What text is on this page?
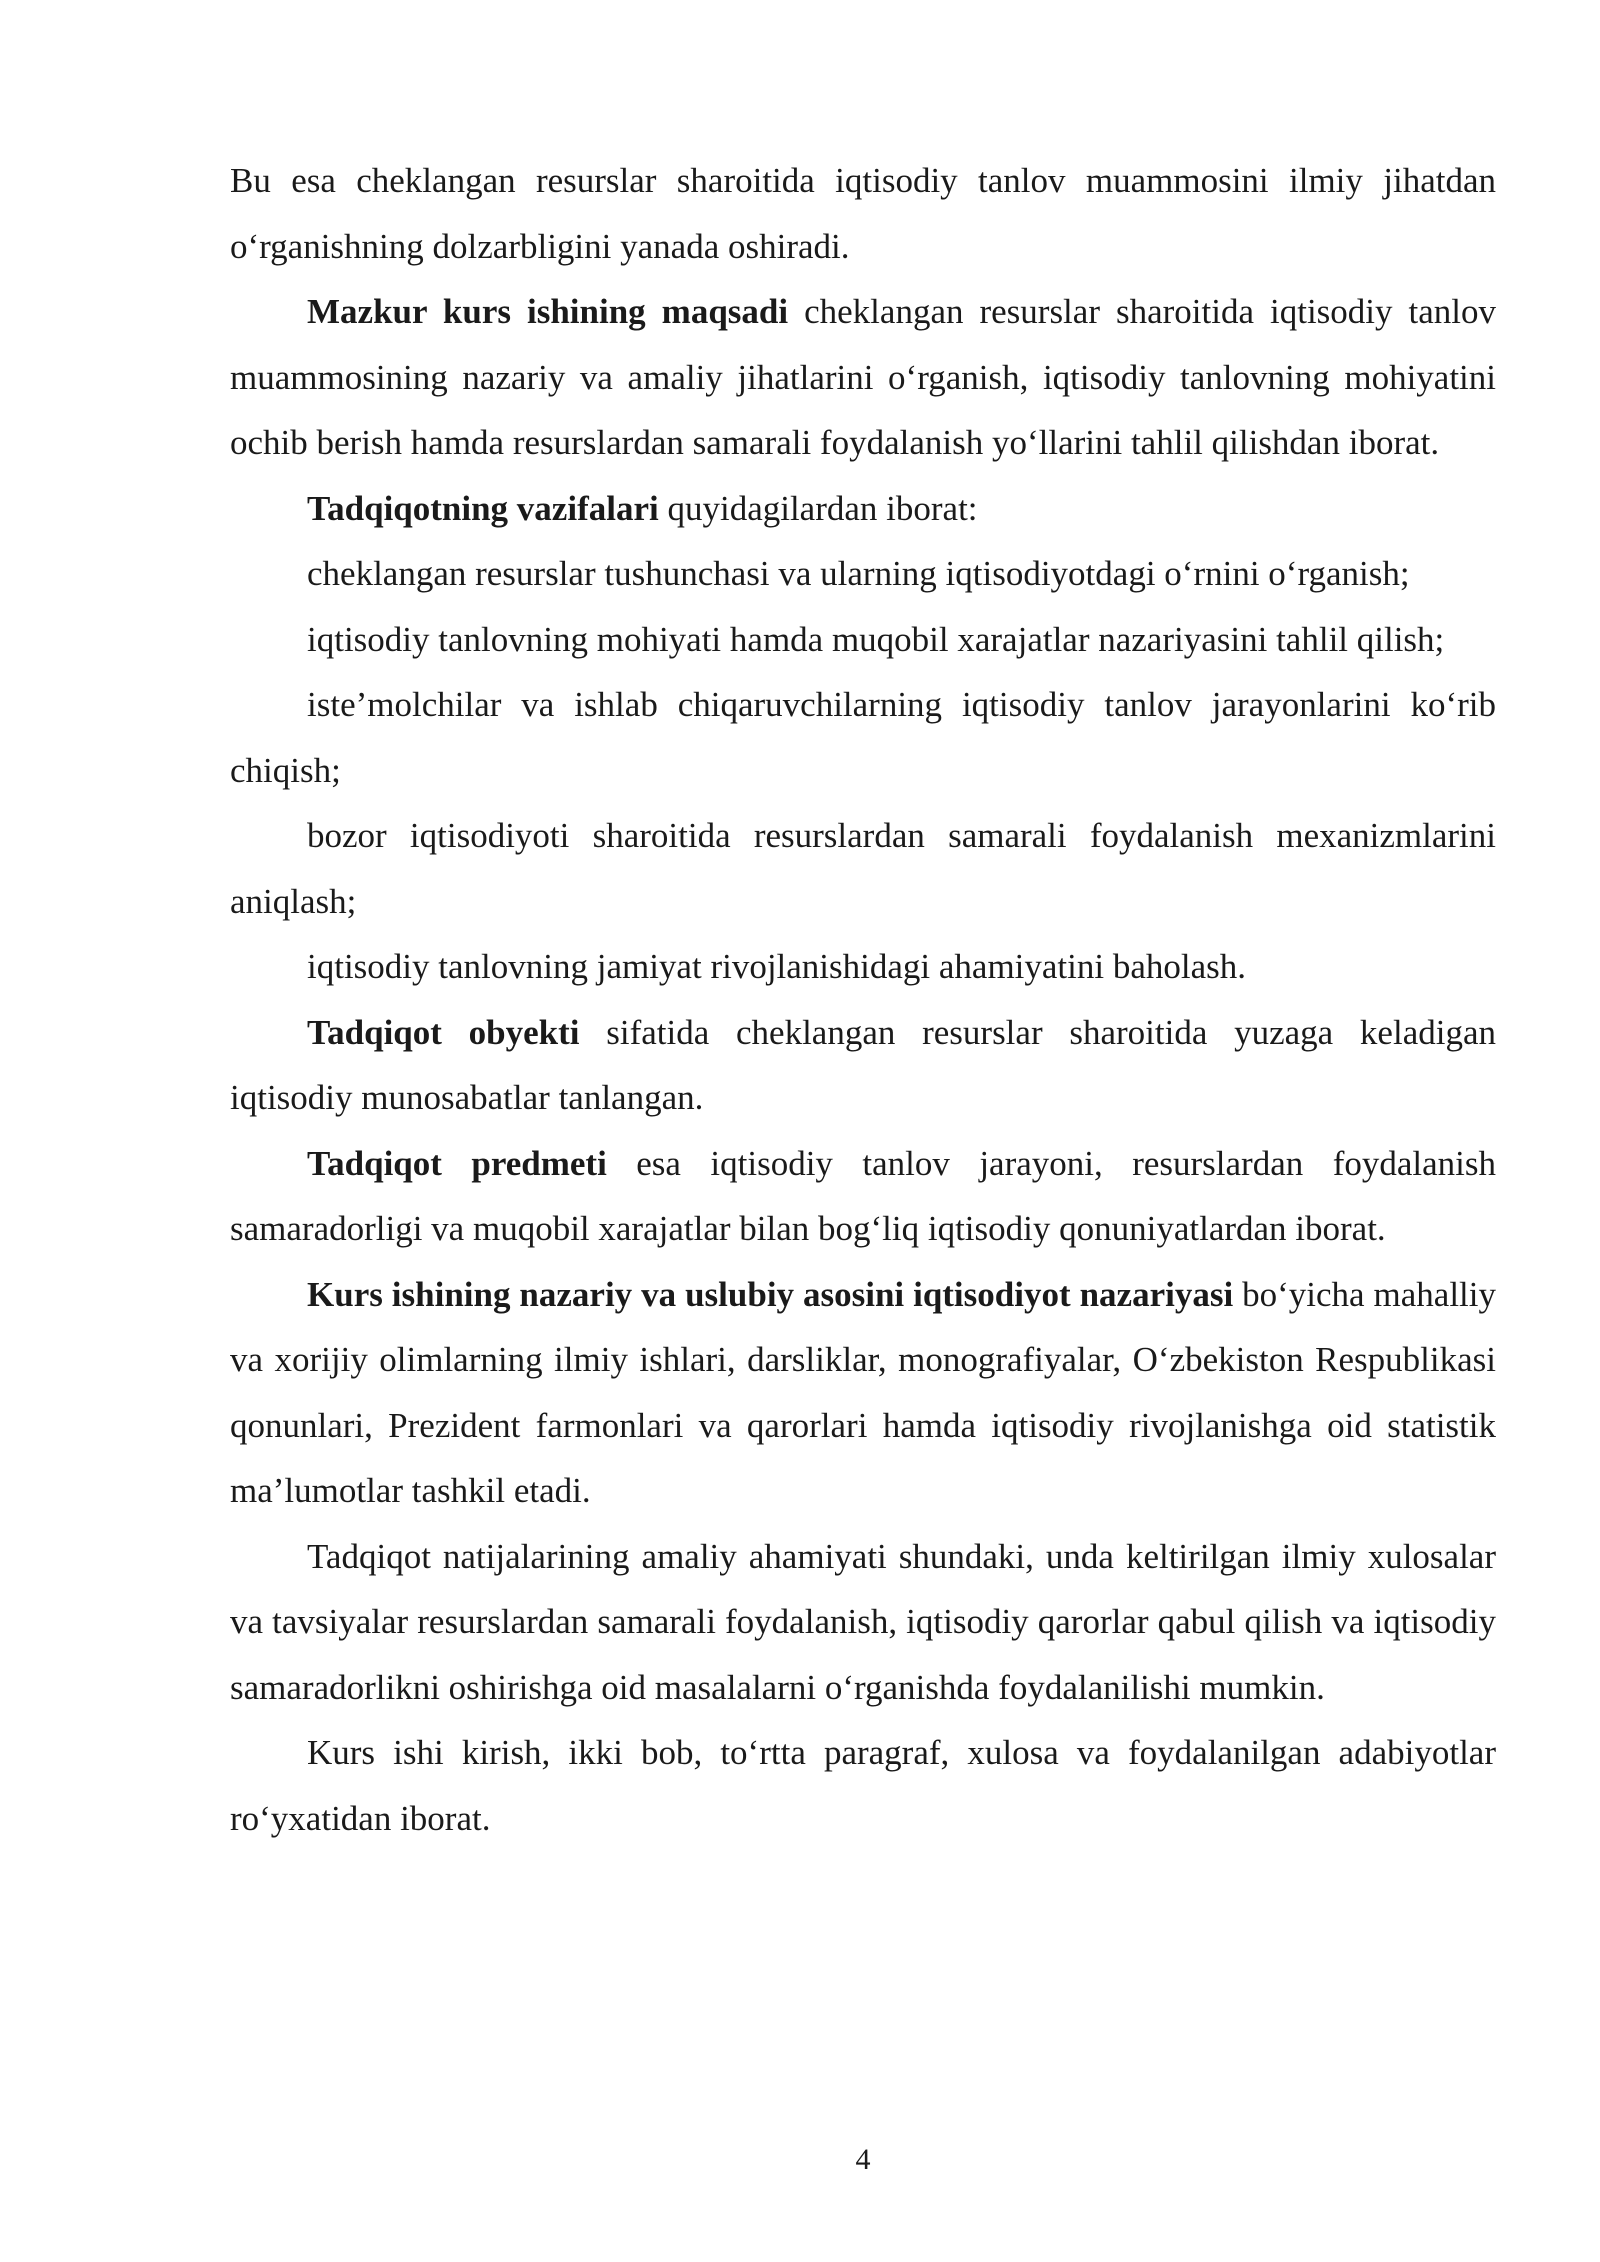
Bu esa cheklangan resurslar sharoitida iqtisodiy tanlov muammosini ilmiy jihatdan o‘rganishning dolzarbligini yanada oshiradi.

Mazkur kurs ishining maqsadi cheklangan resurslar sharoitida iqtisodiy tanlov muammosining nazariy va amaliy jihatlarini o‘rganish, iqtisodiy tanlovning mohiyatini ochib berish hamda resurslardan samarali foydalanish yo‘llarini tahlil qilishdan iborat.

Tadqiqotning vazifalari quyidagilardan iborat:

cheklangan resurslar tushunchasi va ularning iqtisodiyotdagi o‘rnini o‘rganish;

iqtisodiy tanlovning mohiyati hamda muqobil xarajatlar nazariyasini tahlil qilish;

iste’molchilar va ishlab chiqaruvchilarning iqtisodiy tanlov jarayonlarini ko‘rib chiqish;

bozor iqtisodiyoti sharoitida resurslardan samarali foydalanish mexanizmlarini aniqlash;

iqtisodiy tanlovning jamiyat rivojlanishidagi ahamiyatini baholash.

Tadqiqot obyekti sifatida cheklangan resurslar sharoitida yuzaga keladigan iqtisodiy munosabatlar tanlangan.

Tadqiqot predmeti esa iqtisodiy tanlov jarayoni, resurslardan foydalanish samaradorligi va muqobil xarajatlar bilan bog‘liq iqtisodiy qonuniyatlardan iborat.

Kurs ishining nazariy va uslubiy asosini iqtisodiyot nazariyasi bo‘yicha mahalliy va xorijiy olimlarning ilmiy ishlari, darsliklar, monografiyalar, O‘zbekiston Respublikasi qonunlari, Prezident farmonlari va qarorlari hamda iqtisodiy rivojlanishga oid statistik ma’lumotlar tashkil etadi.

Tadqiqot natijalarining amaliy ahamiyati shundaki, unda keltirilgan ilmiy xulosalar va tavsiyalar resurslardan samarali foydalanish, iqtisodiy qarorlar qabul qilish va iqtisodiy samaradorlikni oshirishga oid masalalarni o‘rganishda foydalanilishi mumkin.

Kurs ishi kirish, ikki bob, to‘rtta paragraf, xulosa va foydalanilgan adabiyotlar ro‘yxatidan iborat.

4
